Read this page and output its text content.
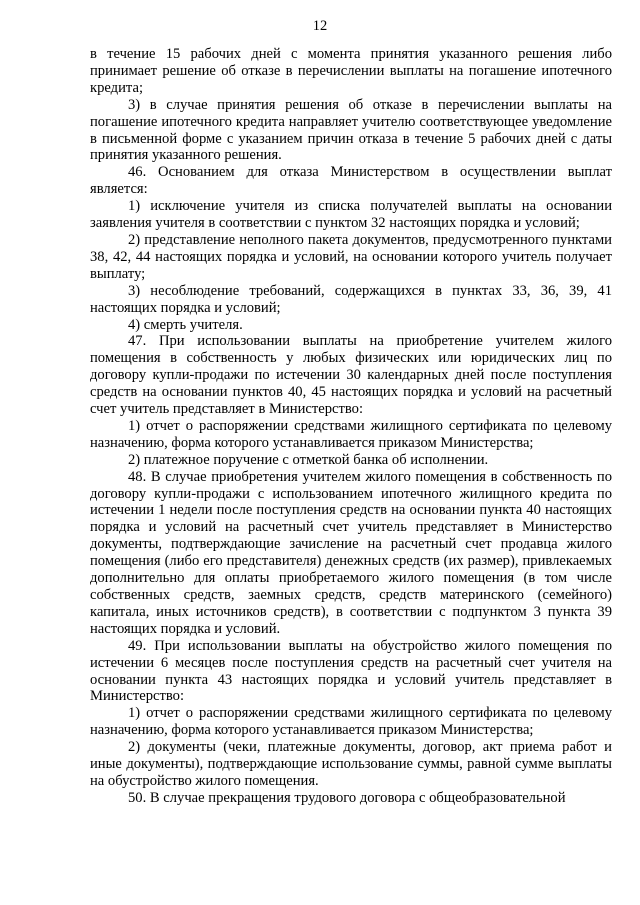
12

в течение 15 рабочих дней с момента принятия указанного решения либо принимает решение об отказе в перечислении выплаты на погашение ипотечного кредита;

3) в случае принятия решения об отказе в перечислении выплаты на погашение ипотечного кредита направляет учителю соответствующее уведомление в письменной форме с указанием причин отказа в течение 5 рабочих дней с даты принятия указанного решения.

46. Основанием для отказа Министерством в осуществлении выплат является:

1) исключение учителя из списка получателей выплаты на основании заявления учителя в соответствии с пунктом 32 настоящих порядка и условий;

2) представление неполного пакета документов, предусмотренного пунктами 38, 42, 44 настоящих порядка и условий, на основании которого учитель получает выплату;

3) несоблюдение требований, содержащихся в пунктах 33, 36, 39, 41 настоящих порядка и условий;

4) смерть учителя.

47. При использовании выплаты на приобретение учителем жилого помещения в собственность у любых физических или юридических лиц по договору купли-продажи по истечении 30 календарных дней после поступления средств на основании пунктов 40, 45 настоящих порядка и условий на расчетный счет учитель представляет в Министерство:

1) отчет о распоряжении средствами жилищного сертификата по целевому назначению, форма которого устанавливается приказом Министерства;

2) платежное поручение с отметкой банка об исполнении.

48. В случае приобретения учителем жилого помещения в собственность по договору купли-продажи с использованием ипотечного жилищного кредита по истечении 1 недели после поступления средств на основании пункта 40 настоящих порядка и условий на расчетный счет учитель представляет в Министерство документы, подтверждающие зачисление на расчетный счет продавца жилого помещения (либо его представителя) денежных средств (их размер), привлекаемых дополнительно для оплаты приобретаемого жилого помещения (в том числе собственных средств, заемных средств, средств материнского (семейного) капитала, иных источников средств), в соответствии с подпунктом 3 пункта 39 настоящих порядка и условий.

49. При использовании выплаты на обустройство жилого помещения по истечении 6 месяцев после поступления средств на расчетный счет учителя на основании пункта 43 настоящих порядка и условий учитель представляет в Министерство:

1) отчет о распоряжении средствами жилищного сертификата по целевому назначению, форма которого устанавливается приказом Министерства;

2) документы (чеки, платежные документы, договор, акт приема работ и иные документы), подтверждающие использование суммы, равной сумме выплаты на обустройство жилого помещения.

50. В случае прекращения трудового договора с общеобразовательной
